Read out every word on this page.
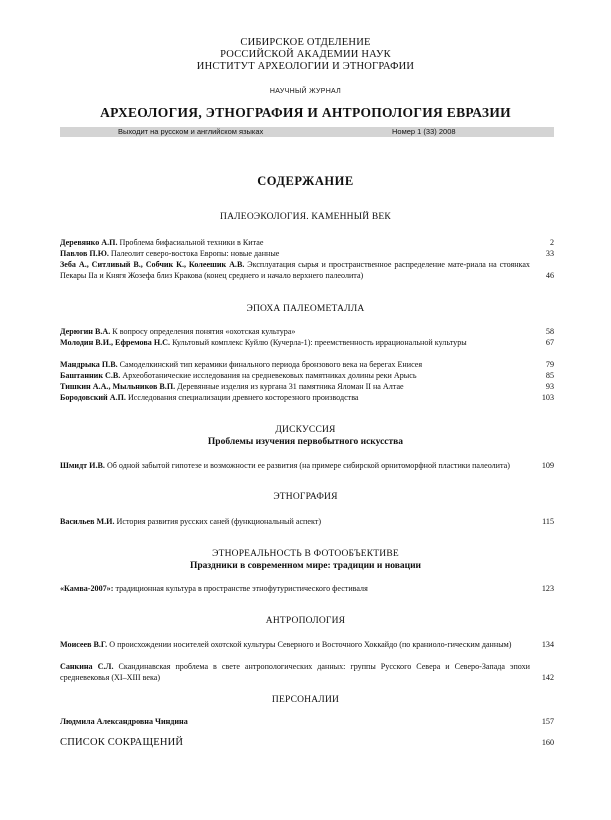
СИБИРСКОЕ ОТДЕЛЕНИЕ
РОССИЙСКОЙ АКАДЕМИИ НАУК
ИНСТИТУТ АРХЕОЛОГИИ И ЭТНОГРАФИИ
НАУЧНЫЙ ЖУРНАЛ
АРХЕОЛОГИЯ, ЭТНОГРАФИЯ И АНТРОПОЛОГИЯ ЕВРАЗИИ
Выходит на русском и английском языках	Номер 1 (33) 2008
СОДЕРЖАНИЕ
ПАЛЕОЭКОЛОГИЯ. КАМЕННЫЙ ВЕК
Деревянко А.П. Проблема бифасиальной техники в Китае	2
Павлов П.Ю. Палеолит северо-востока Европы: новые данные	33
Зеба А., Ситливый В., Собчик К., Колеешик А.В. Эксплуатация сырья и пространственное распределение мате-риала на стоянках Пекары IIa и Княгя Жозефа близ Кракова (конец среднего и начало верхнего палеолита)	46
ЭПОХА ПАЛЕОМЕТАЛЛА
Дерюгин В.А. К вопросу определения понятия «охотская культура»	58
Молодин В.И., Ефремова Н.С. Культовый комплекс Куйлю (Кучерла-1): преемственность иррациональной культуры	67
Мандрыка П.В. Самоделкинский тип керамики финального периода бронзового века на берегах Енисея	79
Баштанник С.В. Археоботанические исследования на средневековых памятниках долины реки Арысь	85
Тишкин А.А., Мыльников В.П. Деревянные изделия из кургана 31 памятника Яломан II на Алтае	93
Бородовский А.П. Исследования специализации древнего косторезного производства	103
ДИСКУССИЯ
Проблемы изучения первобытного искусства
Шмидт И.В. Об одной забытой гипотезе и возможности ее развития (на примере сибирской орнитоморфной пластики палеолита)	109
ЭТНОГРАФИЯ
Васильев М.И. История развития русских саней (функциональный аспект)	115
ЭТНОРЕАЛЬНОСТЬ В ФОТООБЪЕКТИВЕ
Праздники в современном мире: традиции и новации
«Камва-2007»: традиционная культура в пространстве этнофутуристического фестиваля	123
АНТРОПОЛОГИЯ
Моисеев В.Г. О происхождении носителей охотской культуры Северного и Восточного Хоккайдо (по краниоло-гическим данным)	134
Санкина С.Л. Скандинавская проблема в свете антропологических данных: группы Русского Севера и Северо-Запада эпохи средневековья (XI–XIII века)	142
ПЕРСОНАЛИИ
Людмила Александровна Чиндина	157
СПИСОК СОКРАЩЕНИЙ	160
